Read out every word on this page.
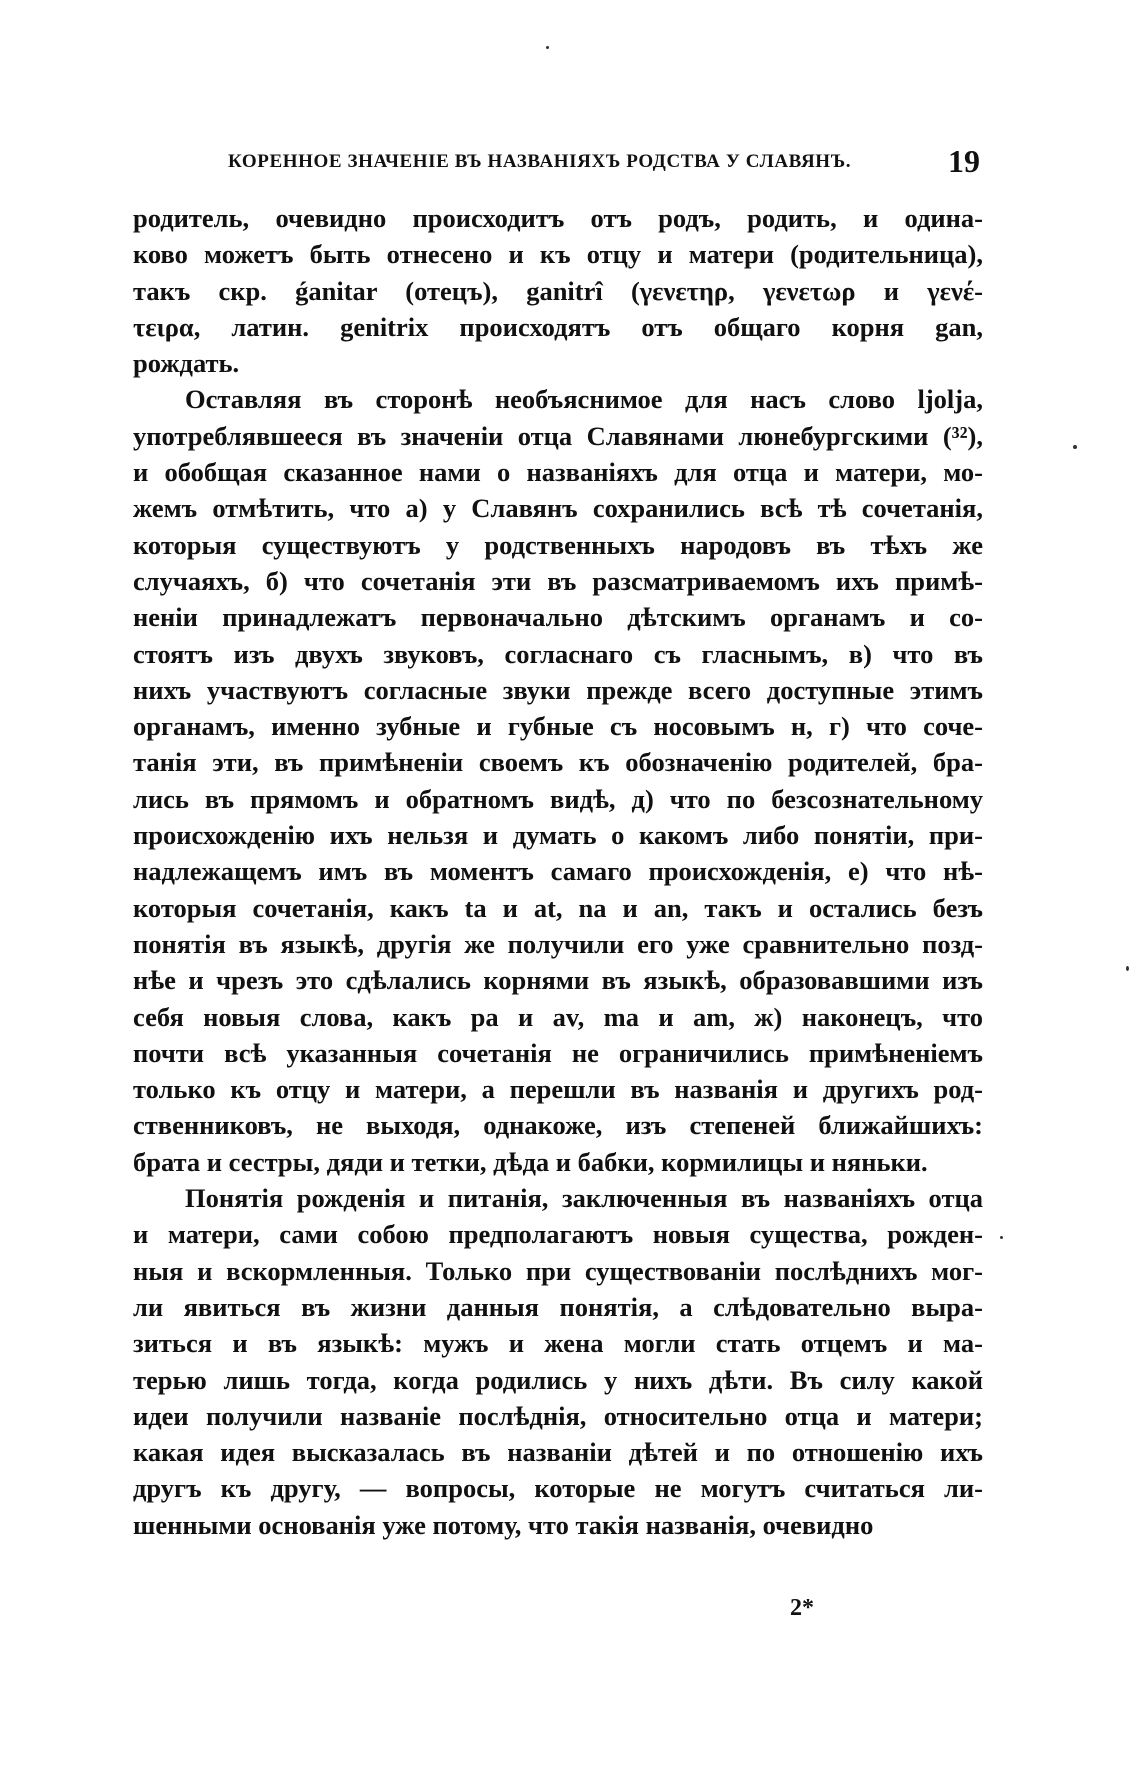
КОРЕННОЕ ЗНАЧЕНІЕ ВЪ НАЗВАНІЯХЪ РОДСТВА У СЛАВЯНЪ.	19
родитель, очевидно происходитъ отъ родъ, родить, и одина-
ково можетъ быть отнесено и къ отцу и матери (родительница),
такъ скр. ǵanitar (отецъ), ganitrî (γενετηρ, γενετωρ и γενέ-
τειρα, латин. genitrix происходятъ отъ общаго корня gan,
рождать.
Оставляя въ сторонѣ необъяснимое для насъ слово ljolja,
употреблявшееся въ значеніи отца Славянами люнебургскими (³²),
и обобщая сказанное нами о названіяхъ для отца и матери, мо-
жемъ отмѣтить, что а) у Славянъ сохранились всѣ тѣ сочетанія,
которыя существуютъ у родственныхъ народовъ въ тѣхъ же
случаяхъ, б) что сочетанія эти въ разсматриваемомъ ихъ примѣ-
неніи принадлежатъ первоначально дѣтскимъ органамъ и со-
стоятъ изъ двухъ звуковъ, согласнаго съ гласнымъ, в) что въ
нихъ участвуютъ согласные звуки прежде всего доступные этимъ
органамъ, именно зубные и губные съ носовымъ н, г) что соче-
танія эти, въ примѣненіи своемъ къ обозначенію родителей, бра-
лись въ прямомъ и обратномъ видѣ, д) что по безсознательному
происхожденію ихъ нельзя и думать о какомъ либо понятіи, при-
надлежащемъ имъ въ моментъ самаго происхожденія, е) что нѣ-
которыя сочетанія, какъ ta и at, na и an, такъ и остались безъ
понятія въ языкѣ, другія же получили его уже сравнительно позд-
нѣе и чрезъ это сдѣлались корнями въ языкѣ, образовавшими изъ
себя новыя слова, какъ pa и av, ma и am, ж) наконецъ, что
почти всѣ указанныя сочетанія не ограничились примѣненіемъ
только къ отцу и матери, а перешли въ названія и другихъ род-
ственниковъ, не выходя, однакоже, изъ степеней ближайшихъ:
брата и сестры, дяди и тетки, дѣда и бабки, кормилицы и няньки.
Понятія рожденія и питанія, заключенныя въ названіяхъ отца
и матери, сами собою предполагаютъ новыя существа, рожден-
ныя и вскормленныя. Только при существованіи послѣднихъ мог-
ли явиться въ жизни данныя понятія, а слѣдовательно выра-
зиться и въ языкѣ: мужъ и жена могли стать отцемъ и ма-
терью лишь тогда, когда родились у нихъ дѣти. Въ силу какой
идеи получили названіе послѣднія, относительно отца и матери;
какая идея высказалась въ названіи дѣтей и по отношенію ихъ
другъ къ другу, — вопросы, которые не могутъ считаться ли-
шенными основанія уже потому, что такія названія, очевидно
2*
